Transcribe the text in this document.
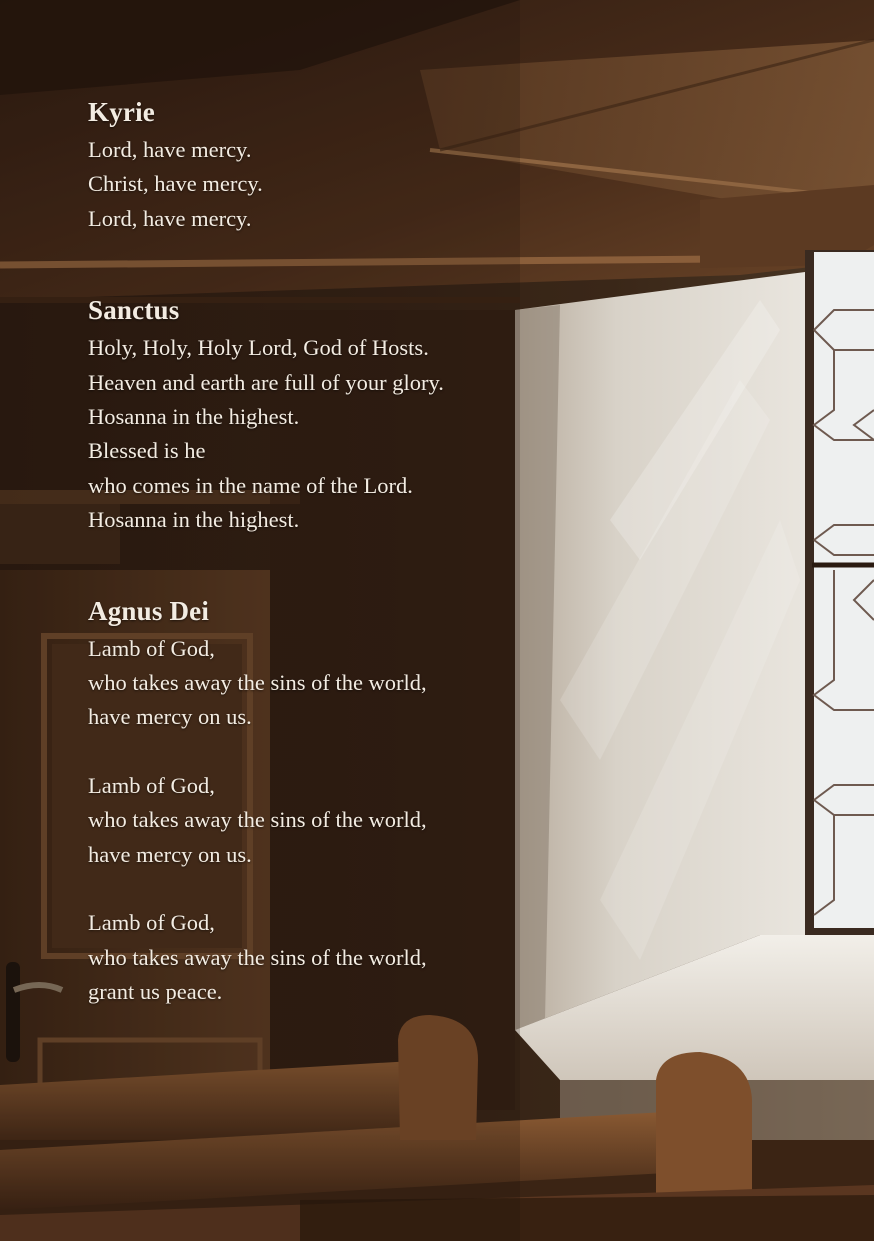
Kyrie
Lord, have mercy.
Christ, have mercy.
Lord, have mercy.
Sanctus
Holy, Holy, Holy Lord, God of Hosts.
Heaven and earth are full of your glory.
Hosanna in the highest.
Blessed is he
who comes in the name of the Lord.
Hosanna in the highest.
Agnus Dei
Lamb of God,
who takes away the sins of the world,
have mercy on us.
Lamb of God,
who takes away the sins of the world,
have mercy on us.
Lamb of God,
who takes away the sins of the world,
grant us peace.
